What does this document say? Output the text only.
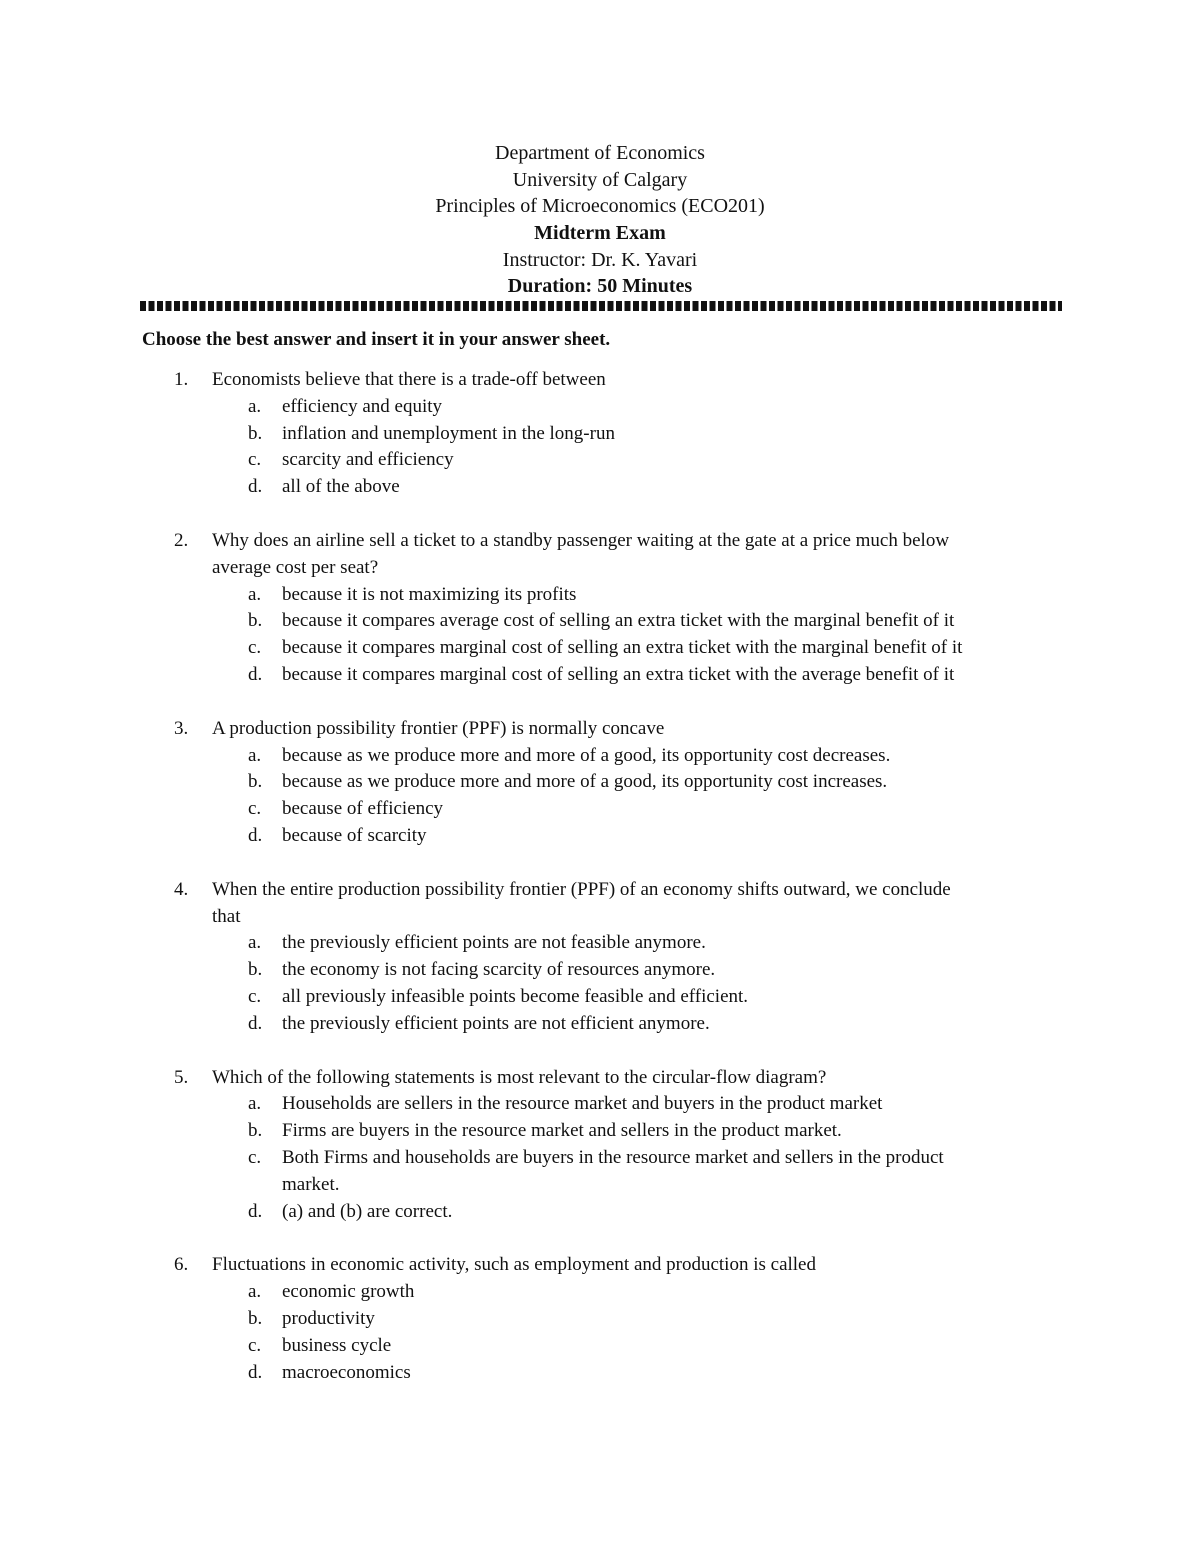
Department of Economics
University of Calgary
Principles of Microeconomics (ECO201)
Midterm Exam
Instructor: Dr. K. Yavari
Duration: 50 Minutes
Choose the best answer and insert it in your answer sheet.
1.	Economists believe that there is a trade-off between
a.	efficiency and equity
b.	inflation and unemployment in the long-run
c.	scarcity and efficiency
d.	all of the above
2.	Why does an airline sell a ticket to a standby passenger waiting at the gate at a price much below
average cost per seat?
a.	because it is not maximizing its profits
b.	because it compares average cost of selling an extra ticket with the marginal benefit of it
c.	because it compares marginal cost of selling an extra ticket with the marginal benefit of it
d.	because it compares marginal cost of selling an extra ticket with the average benefit of it
3.	A production possibility frontier (PPF) is normally concave
a.	because as we produce more and more of a good, its opportunity cost decreases.
b.	because as we produce more and more of a good, its opportunity cost increases.
c.	because of efficiency
d.	because of scarcity
4.	When the entire production possibility frontier (PPF) of an economy shifts outward, we conclude
that
a.	the previously efficient points are not feasible anymore.
b.	the economy is not facing scarcity of resources anymore.
c.	all previously infeasible points become feasible and efficient.
d.	the previously efficient points are not efficient anymore.
5.	Which of the following statements is most relevant to the circular-flow diagram?
a.	Households are sellers in the resource market and buyers in the product market
b.	Firms are buyers in the resource market and sellers in the product market.
c.	Both Firms and households are buyers in the resource market and sellers in the product
market.
d.	(a) and (b) are correct.
6.	Fluctuations in economic activity, such as employment and production is called
a.	economic growth
b.	productivity
c.	business cycle
d.	macroeconomics
